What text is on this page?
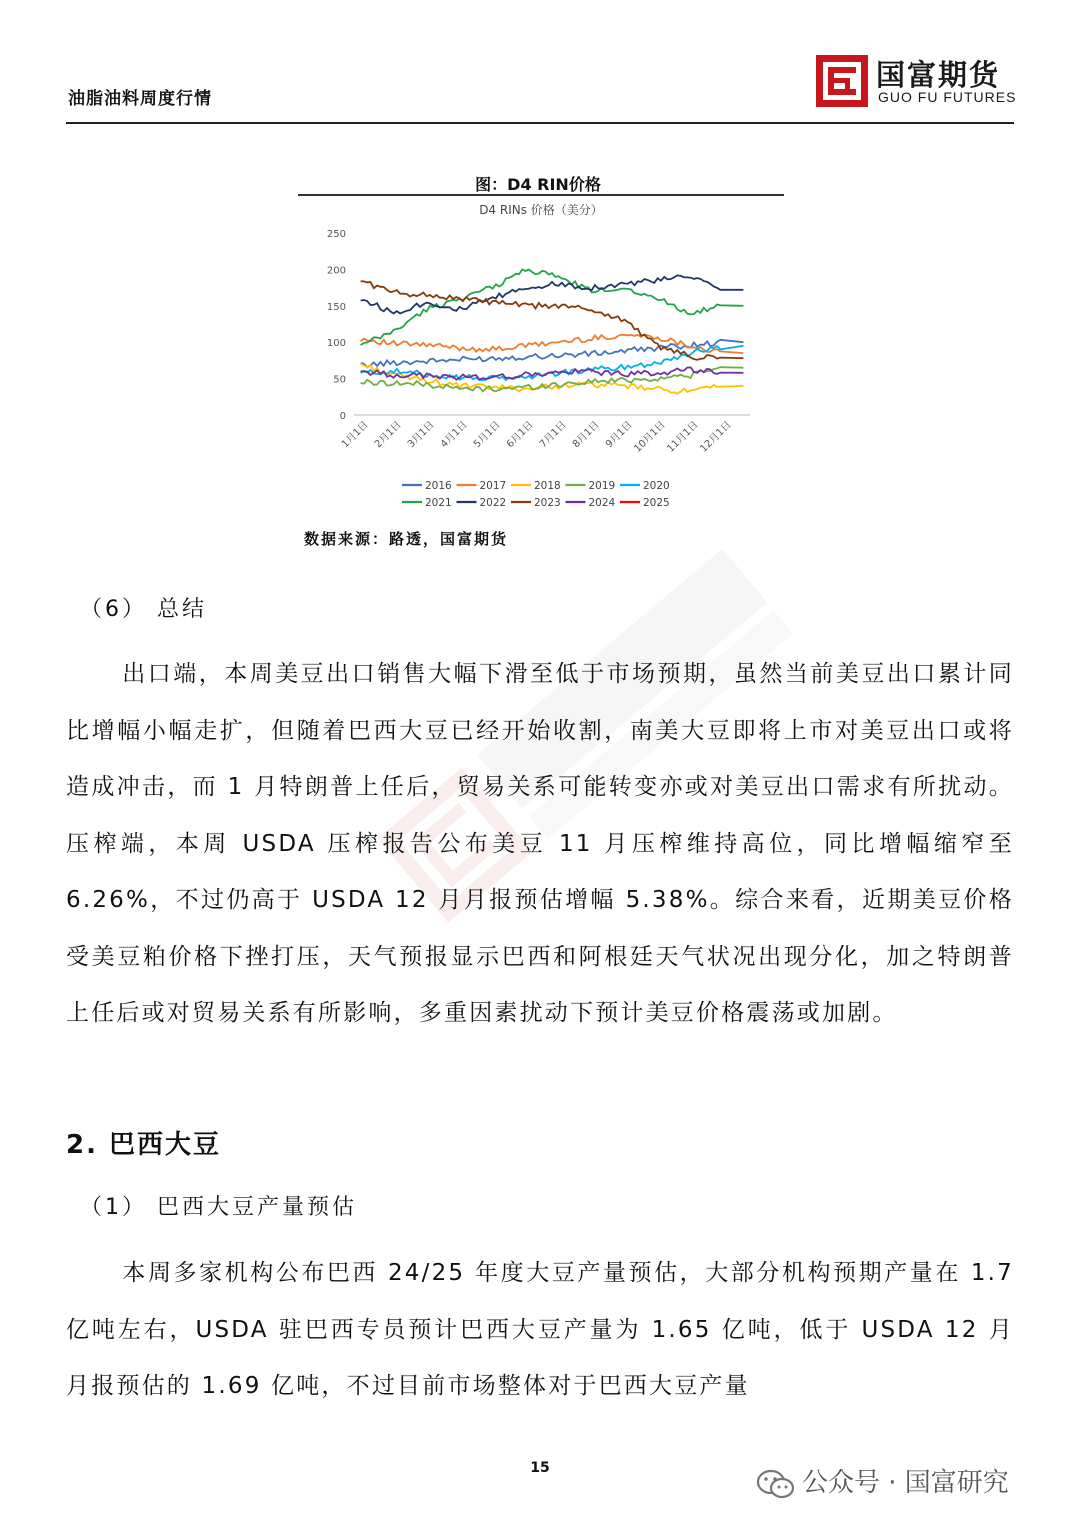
油脂油料周度行情
国富期货
GUO FU FUTURES
图：D4 RIN价格
D4 RINs 价格（美分）
0
50
100
150
200
250
1月1日 2月1日 3月1日 4月1日 5月1日 6月1日 7月1日 8月1日 9月1日
10月1日
11月1日
12月1日
2016	2017	2018	2019	2020
2021	2022	2023	2024	2025
数据来源：路透，国富期货
（6） 总结

出口端，本周美豆出口销售大幅下滑至低于市场预期，虽然当前美豆出口累计同比增幅小幅走扩，但随着巴西大豆已经开始收割，南美大豆即将上市对美豆出口或将造成冲击，而 1 月特朗普上任后，贸易关系可能转变亦或对美豆出口需求有所扰动。压榨端，本周 USDA 压榨报告公布美豆 11 月压榨维持高位，同比增幅缩窄至 6.26%，不过仍高于 USDA 12 月月报预估增幅 5.38%。综合来看，近期美豆价格受美豆粕价格下挫打压，天气预报显示巴西和阿根廷天气状况出现分化，加之特朗普上任后或对贸易关系有所影响，多重因素扰动下预计美豆价格震荡或加剧。

2. 巴西大豆
（1） 巴西大豆产量预估

本周多家机构公布巴西 24/25 年度大豆产量预估，大部分机构预期产量在 1.7 亿吨左右，USDA 驻巴西专员预计巴西大豆产量为 1.65 亿吨，低于 USDA 12 月月报预估的 1.69 亿吨，不过目前市场整体对于巴西大豆产量

15	公众号 · 国富研究
